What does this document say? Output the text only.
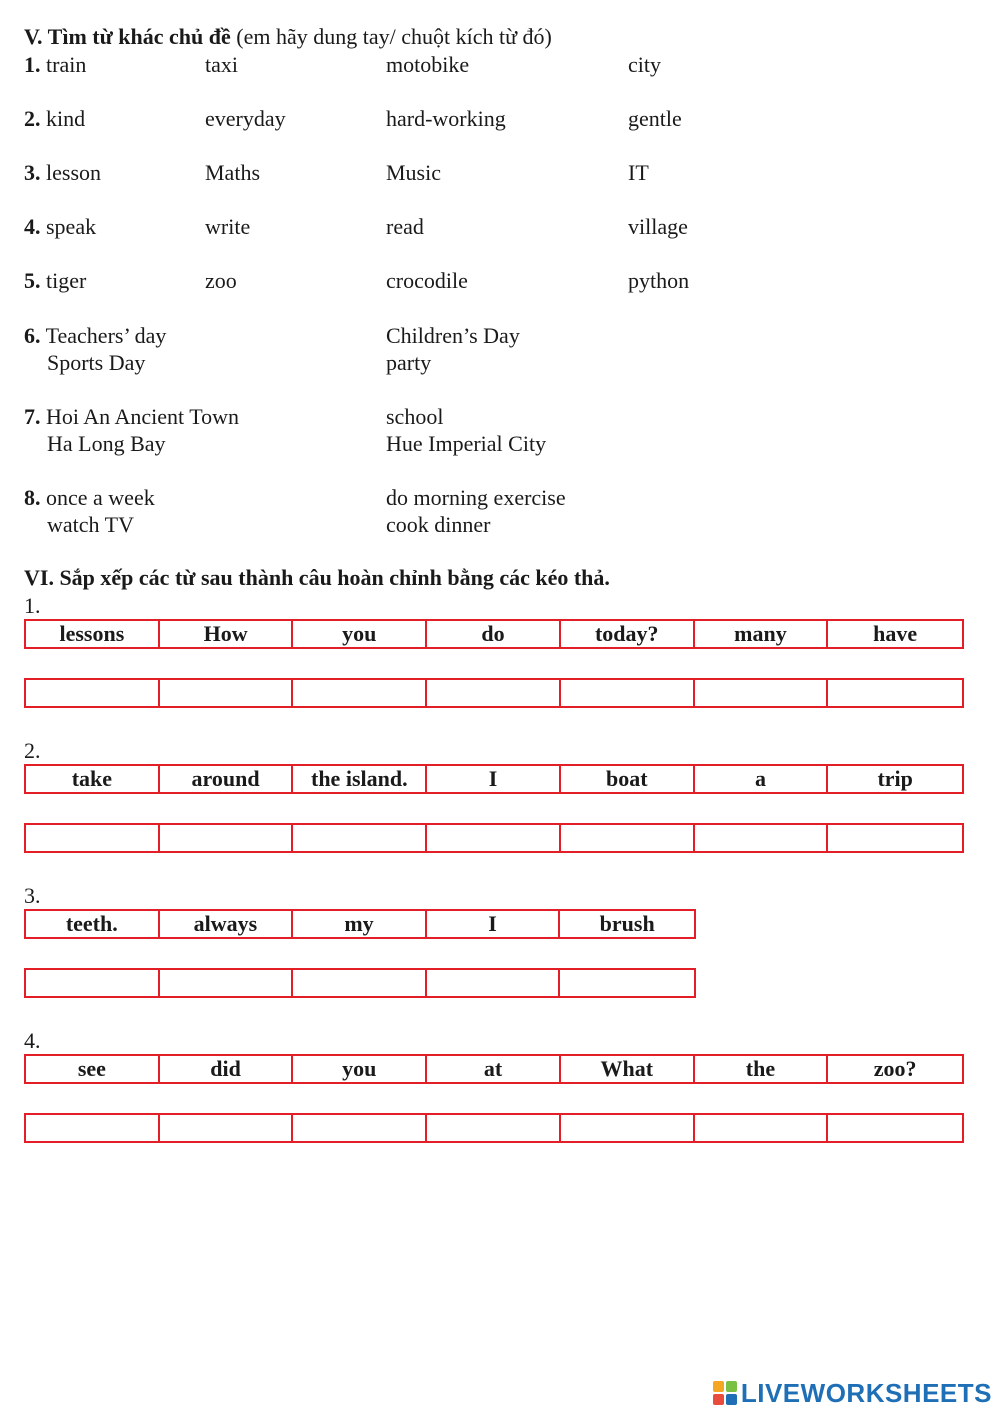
V. Tìm từ khác chủ đề (em hãy dung tay/ chuột kích từ đó)
1. train	taxi	motobike	city
2. kind	everyday	hard-working	gentle
3. lesson	Maths	Music	IT
4. speak	write	read	village
5. tiger	zoo	crocodile	python
6. Teachers’ day	Children’s Day
Sports Day	party
7. Hoi An Ancient Town	school
Ha Long Bay	Hue Imperial City
8. once a week	do morning exercise
watch TV	cook dinner
VI. Sắp xếp các từ sau thành câu hoàn chỉnh bằng các kéo thả.
1.
lessons	How	you	do	today?	many	have
2.
take	around	the island.	I	boat	a	trip
3.
teeth.	always	my	I	brush
4.
see	did	you	at	What	the	zoo?
LIVEWORKSHEETS
